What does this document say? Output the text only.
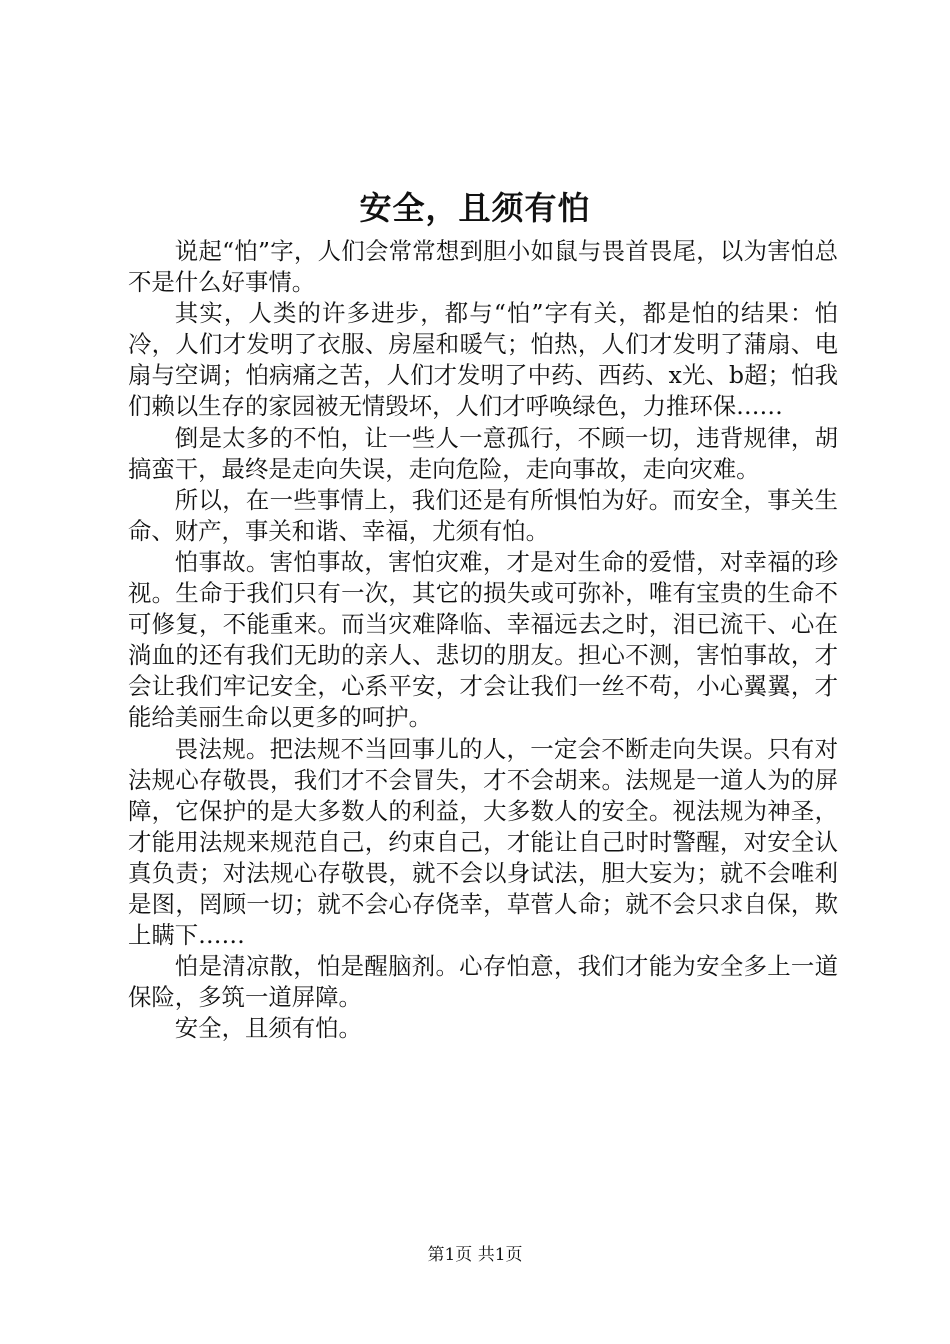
安全，且须有怕

说起“怕”字，人们会常常想到胆小如鼠与畏首畏尾，以为害怕总不是什么好事情。

其实，人类的许多进步，都与“怕”字有关，都是怕的结果：怕冷，人们才发明了衣服、房屋和暖气；怕热，人们才发明了蒲扇、电扇与空调；怕病痛之苦，人们才发明了中药、西药、x光、b超；怕我们赖以生存的家园被无情毁坏，人们才呼唤绿色，力推环保……

倒是太多的不怕，让一些人一意孤行，不顾一切，违背规律，胡搞蛮干，最终是走向失误，走向危险，走向事故，走向灾难。

所以，在一些事情上，我们还是有所惧怕为好。而安全，事关生命、财产，事关和谐、幸福，尤须有怕。

怕事故。害怕事故，害怕灾难，才是对生命的爱惜，对幸福的珍视。生命于我们只有一次，其它的损失或可弥补，唯有宝贵的生命不可修复，不能重来。而当灾难降临、幸福远去之时，泪已流干、心在淌血的还有我们无助的亲人、悲切的朋友。担心不测，害怕事故，才会让我们牢记安全，心系平安，才会让我们一丝不苟，小心翼翼，才能给美丽生命以更多的呵护。

畏法规。把法规不当回事儿的人，一定会不断走向失误。只有对法规心存敬畏，我们才不会冒失，才不会胡来。法规是一道人为的屏障，它保护的是大多数人的利益，大多数人的安全。视法规为神圣，才能用法规来规范自己，约束自己，才能让自己时时警醒，对安全认真负责；对法规心存敬畏，就不会以身试法，胆大妄为；就不会唯利是图，罔顾一切；就不会心存侥幸，草菅人命；就不会只求自保，欺上瞒下……

怕是清凉散，怕是醒脑剂。心存怕意，我们才能为安全多上一道保险，多筑一道屏障。

安全，且须有怕。

第1页 共1页
